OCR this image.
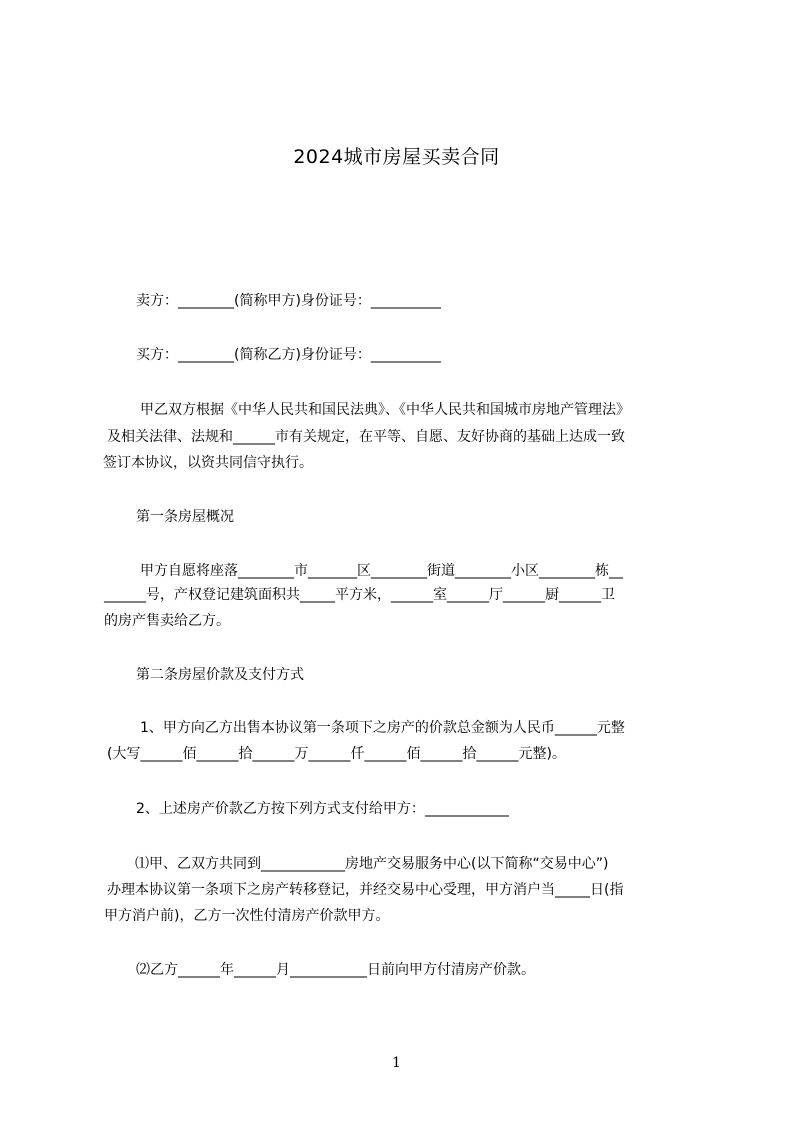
2024城市房屋买卖合同
卖方：________(简称甲方)身份证号：__________
买方：________(简称乙方)身份证号：__________
甲乙双方根据《中华人民共和国民法典》、《中华人民共和国城市房地产管理法》
及相关法律、法规和______市有关规定，在平等、自愿、友好协商的基础上达成一致
签订本协议，以资共同信守执行。
第一条房屋概况
甲方自愿将座落________市_______区________街道________小区________栋__
______号，产权登记建筑面积共_____平方米，______室______厅______厨______卫
的房产售卖给乙方。
第二条房屋价款及支付方式
1、甲方向乙方出售本协议第一条项下之房产的价款总金额为人民币______元整
(大写______佰______拾______万______仟______佰______拾______元整)。
2、上述房产价款乙方按下列方式支付给甲方：____________
⑴甲、乙双方共同到____________房地产交易服务中心(以下简称“交易中心”)
办理本协议第一条项下之房产转移登记，并经交易中心受理，甲方消户当_____日(指
甲方消户前)，乙方一次性付清房产价款甲方。
⑵乙方______年______月___________日前向甲方付清房产价款。
1
